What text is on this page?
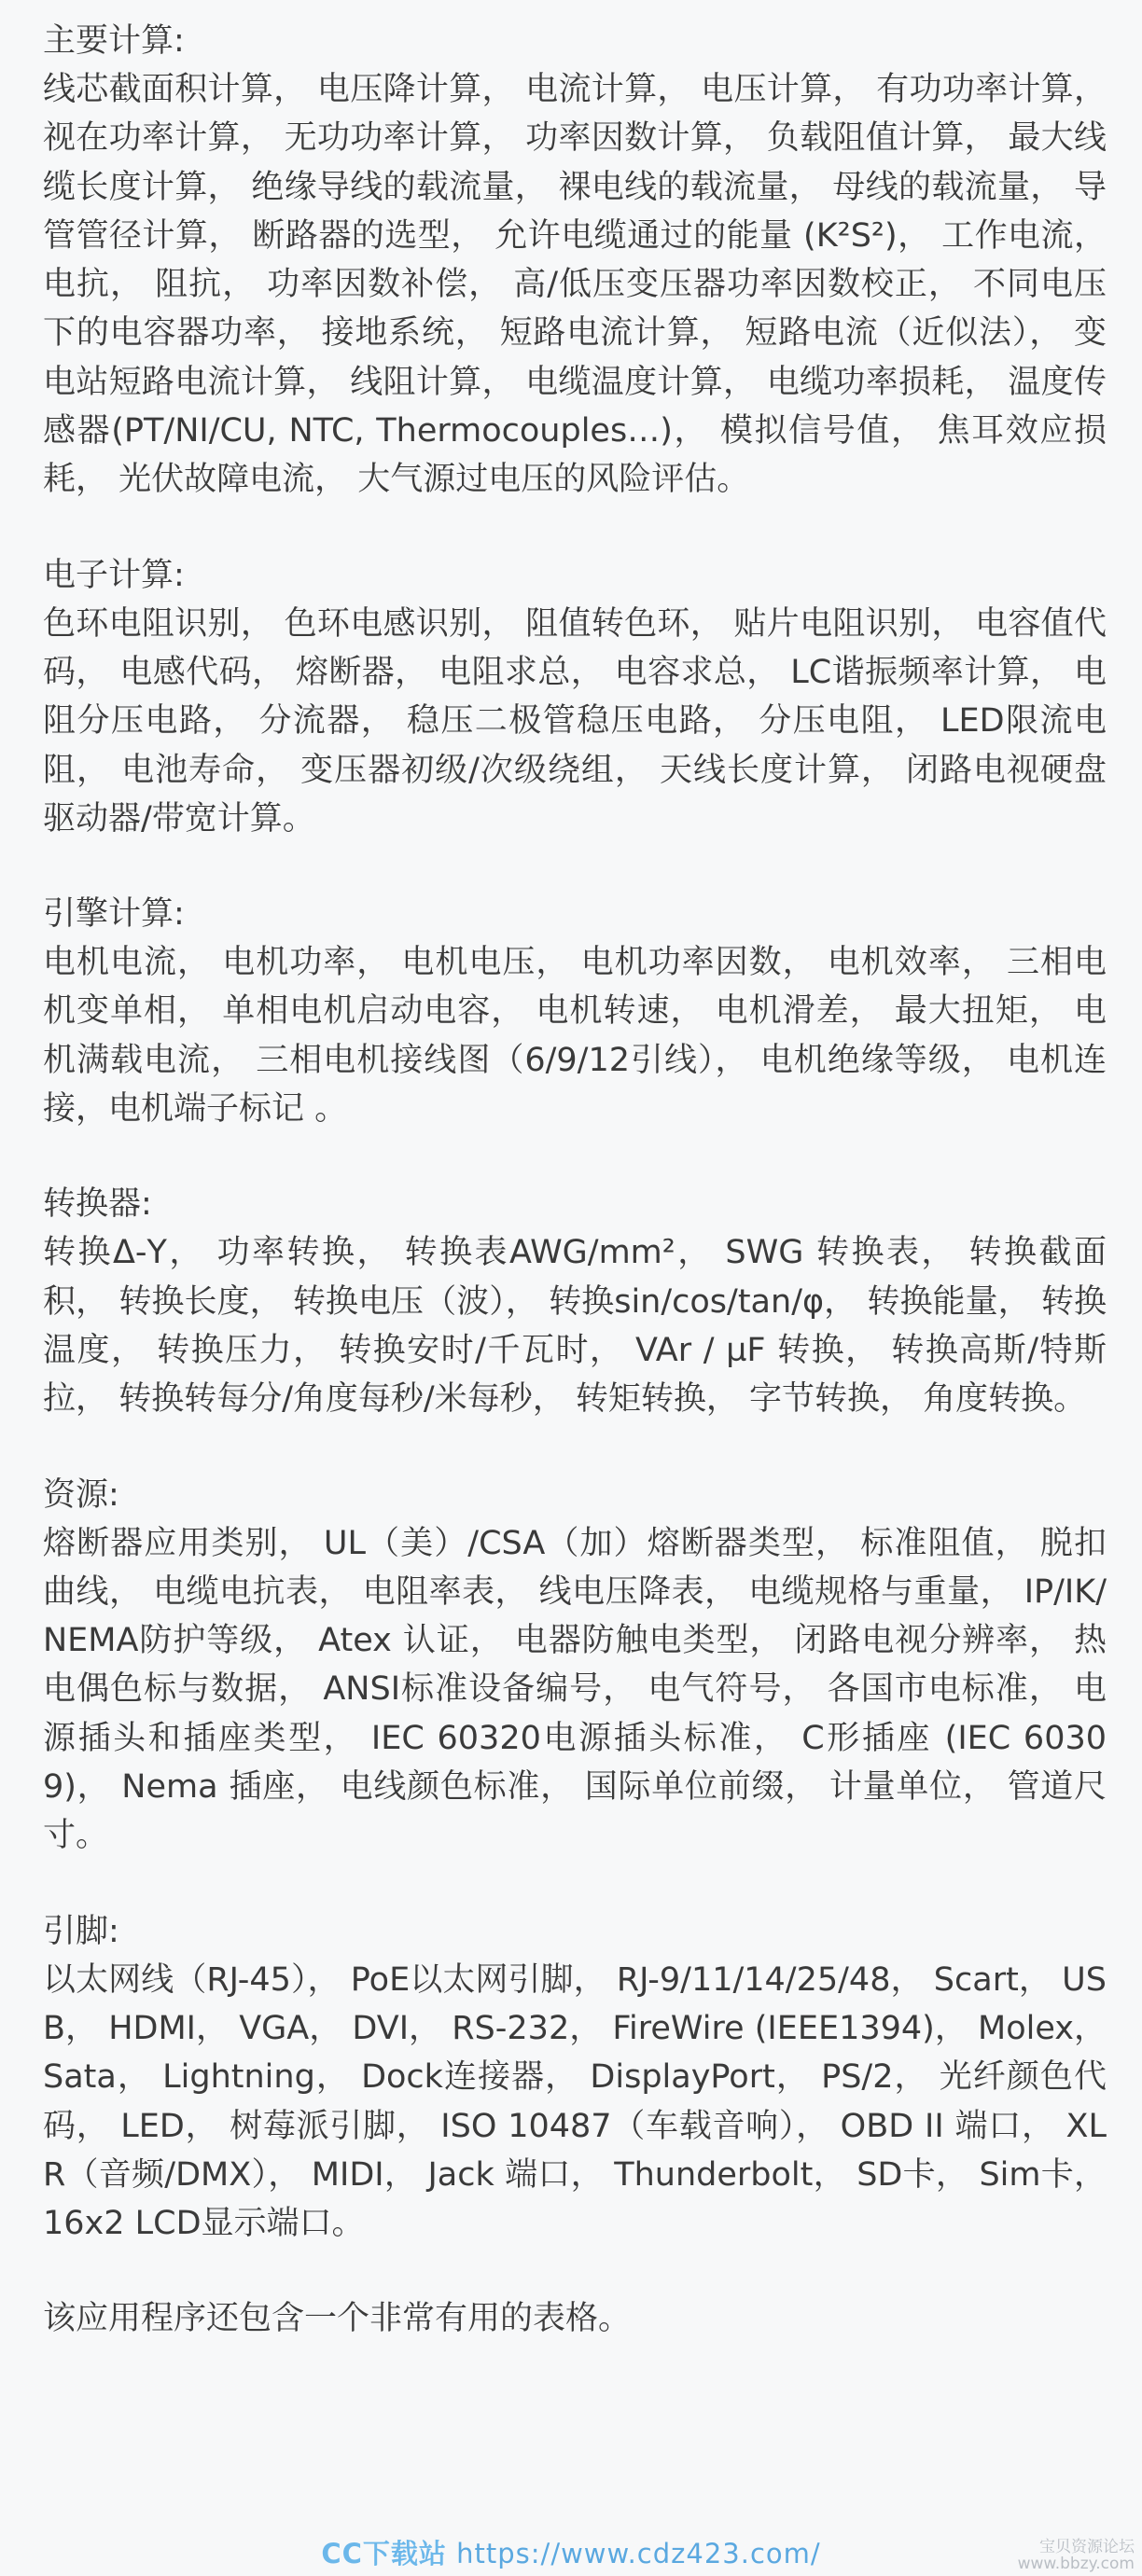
主要计算:

线芯截面积计算， 电压降计算， 电流计算， 电压计算， 有功功率计算， 视在功率计算， 无功功率计算， 功率因数计算， 负载阻值计算， 最大线缆长度计算， 绝缘导线的载流量， 裸电线的载流量， 母线的载流量， 导管管径计算， 断路器的选型， 允许电缆通过的能量 (K²S²)， 工作电流， 电抗， 阻抗， 功率因数补偿， 高/低压变压器功率因数校正， 不同电压下的电容器功率， 接地系统， 短路电流计算， 短路电流（近似法）， 变电站短路电流计算， 线阻计算， 电缆温度计算， 电缆功率损耗， 温度传感器(PT/NI/CU, NTC, Thermocouples…)， 模拟信号值， 焦耳效应损耗， 光伏故障电流， 大气源过电压的风险评估。

电子计算:

色环电阻识别， 色环电感识别， 阻值转色环， 贴片电阻识别， 电容值代码， 电感代码， 熔断器， 电阻求总， 电容求总， LC谐振频率计算， 电阻分压电路， 分流器， 稳压二极管稳压电路， 分压电阻， LED限流电阻， 电池寿命， 变压器初级/次级绕组， 天线长度计算， 闭路电视硬盘驱动器/带宽计算。

引擎计算:

电机电流， 电机功率， 电机电压， 电机功率因数， 电机效率， 三相电机变单相， 单相电机启动电容， 电机转速， 电机滑差， 最大扭矩， 电机满载电流， 三相电机接线图（6/9/12引线）， 电机绝缘等级， 电机连接，电机端子标记 。

转换器:

转换Δ-Y， 功率转换， 转换表AWG/mm²， SWG 转换表， 转换截面积， 转换长度， 转换电压（波）， 转换sin/cos/tan/φ， 转换能量， 转换温度， 转换压力， 转换安时/千瓦时， VAr / µF 转换， 转换高斯/特斯拉， 转换转每分/角度每秒/米每秒， 转矩转换， 字节转换， 角度转换。

资源:

熔断器应用类别， UL（美）/CSA（加）熔断器类型， 标准阻值， 脱扣曲线， 电缆电抗表， 电阻率表， 线电压降表， 电缆规格与重量， IP/IK/NEMA防护等级， Atex 认证， 电器防触电类型， 闭路电视分辨率， 热电偶色标与数据， ANSI标准设备编号， 电气符号， 各国市电标准， 电源插头和插座类型， IEC 60320电源插头标准， C形插座 (IEC 60309)， Nema 插座， 电线颜色标准， 国际单位前缀， 计量单位， 管道尺寸。

引脚:

以太网线（RJ-45）， PoE以太网引脚， RJ-9/11/14/25/48， Scart， USB， HDMI， VGA， DVI， RS-232， FireWire (IEEE1394)， Molex， Sata， Lightning， Dock连接器， DisplayPort， PS/2， 光纤颜色代码， LED， 树莓派引脚， ISO 10487（车载音响）， OBD II 端口， XLR（音频/DMX）， MIDI， Jack 端口， Thunderbolt， SD卡， Sim卡， 16x2 LCD显示端口。

该应用程序还包含一个非常有用的表格。

CC下载站 https://www.cdz423.com/	宝贝资源论坛
www.bbzy.com
